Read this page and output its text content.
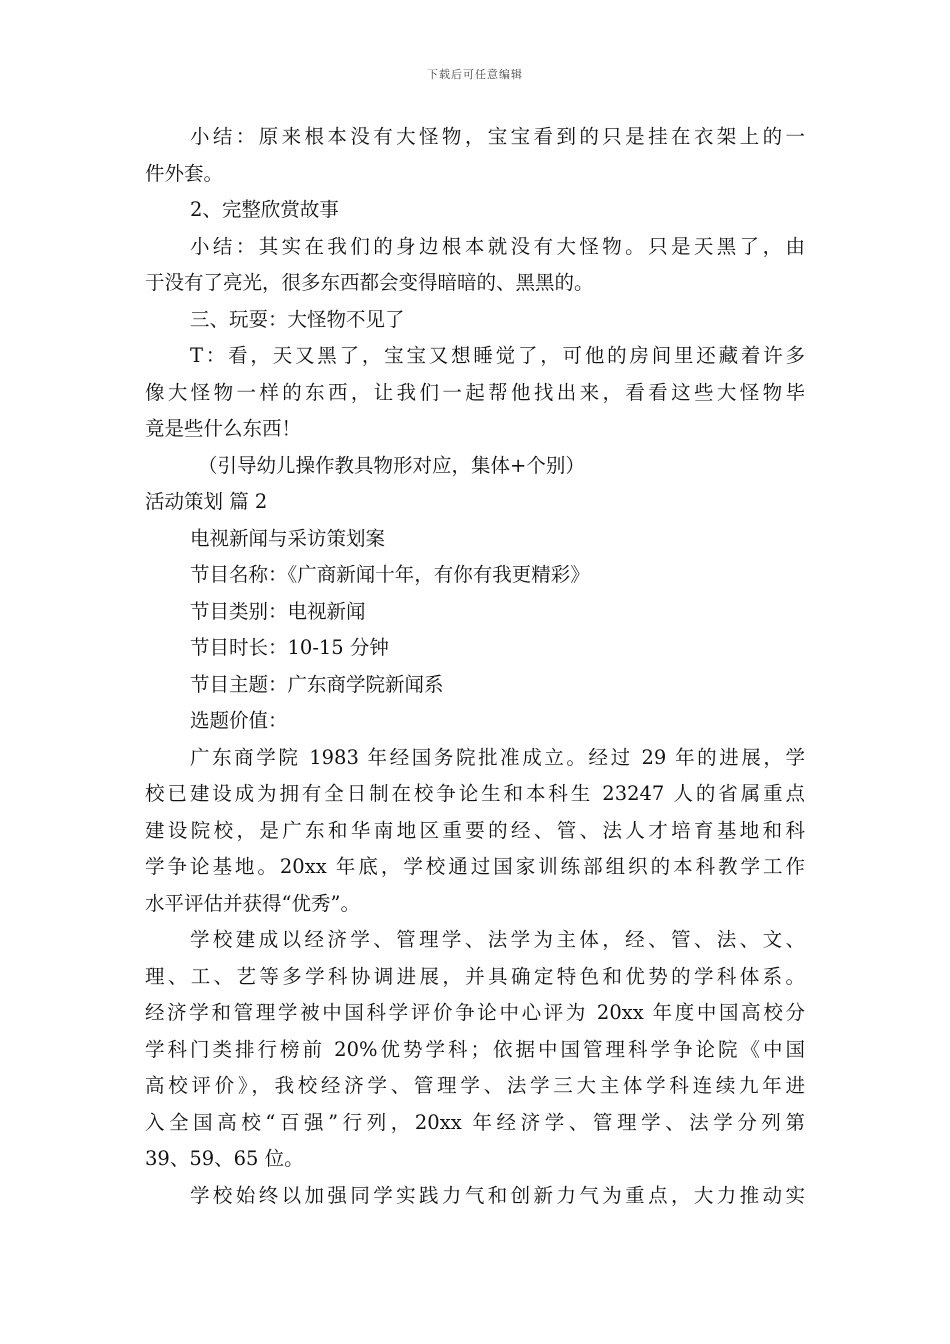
下载后可任意编辑
小结：原来根本没有大怪物，宝宝看到的只是挂在衣架上的一
件外套。
2、完整欣赏故事
小结：其实在我们的身边根本就没有大怪物。只是天黑了，由
于没有了亮光，很多东西都会变得暗暗的、黑黑的。
三、玩耍：大怪物不见了
T：看，天又黑了，宝宝又想睡觉了，可他的房间里还藏着许多
像大怪物一样的东西，让我们一起帮他找出来，看看这些大怪物毕
竟是些什么东西！
（引导幼儿操作教具物形对应，集体+个别）
活动策划 篇 2
电视新闻与采访策划案
节目名称：《广商新闻十年，有你有我更精彩》
节目类别：电视新闻
节目时长：10-15 分钟
节目主题：广东商学院新闻系
选题价值：
广东商学院 1983 年经国务院批准成立。经过 29 年的进展，学
校已建设成为拥有全日制在校争论生和本科生 23247 人的省属重点
建设院校，是广东和华南地区重要的经、管、法人才培育基地和科
学争论基地。20xx 年底，学校通过国家训练部组织的本科教学工作
水平评估并获得“优秀”。
学校建成以经济学、管理学、法学为主体，经、管、法、文、
理、工、艺等多学科协调进展，并具确定特色和优势的学科体系。
经济学和管理学被中国科学评价争论中心评为 20xx 年度中国高校分
学科门类排行榜前 20%优势学科；依据中国管理科学争论院《中国
高校评价》，我校经济学、管理学、法学三大主体学科连续九年进
入全国高校“百强”行列，20xx 年经济学、管理学、法学分列第
39、59、65 位。
学校始终以加强同学实践力气和创新力气为重点，大力推动实
